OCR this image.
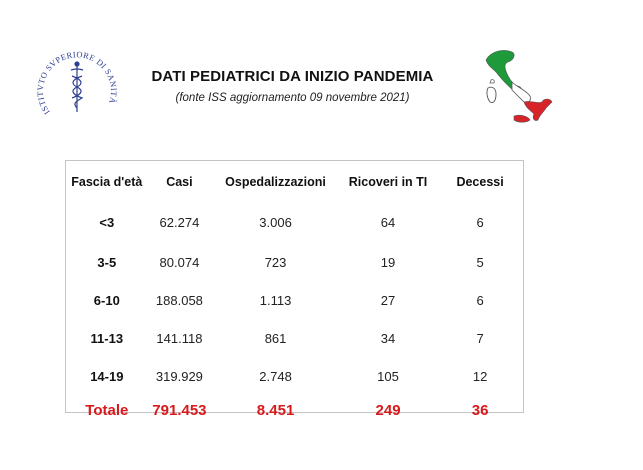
ISTITVTO SVPERIORE DI SANITÀ
DATI PEDIATRICI DA INIZIO PANDEMIA
(fonte ISS aggiornamento 09 novembre 2021)
Fascia d'età	Casi	Ospedalizzazioni	Ricoveri in TI	Decessi
<3	62.274	3.006	64	6
3-5	80.074	723	19	5
6-10	188.058	1.113	27	6
11-13	141.118	861	34	7
14-19	319.929	2.748	105	12
Totale	791.453	8.451	249	36
